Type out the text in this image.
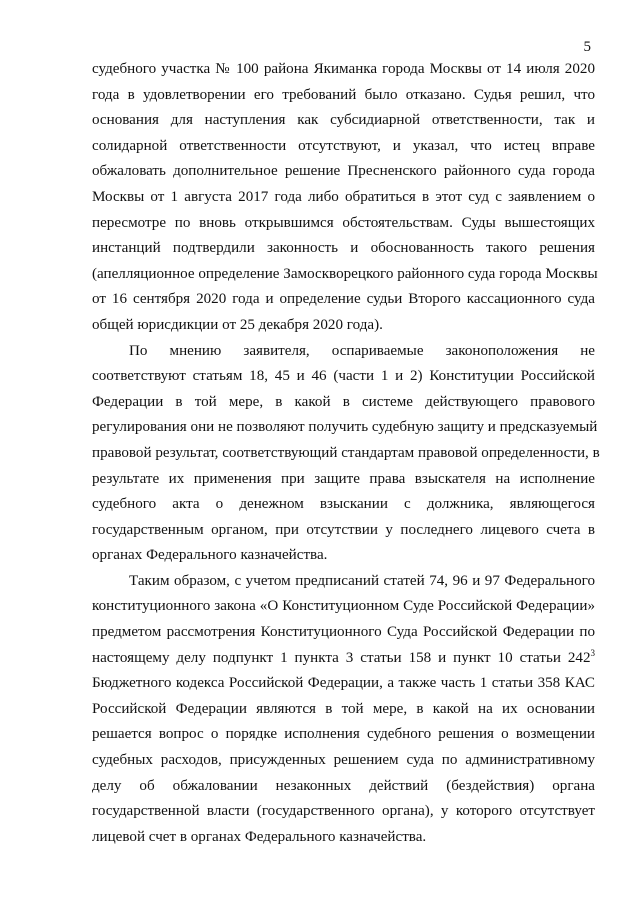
5
судебного участка № 100 района Якиманка города Москвы от 14 июля 2020
года в удовлетворении его требований было отказано. Судья решил, что
основания для наступления как субсидиарной ответственности, так и
солидарной ответственности отсутствуют, и указал, что истец вправе
обжаловать дополнительное решение Пресненского районного суда города
Москвы от 1 августа 2017 года либо обратиться в этот суд с заявлением о
пересмотре по вновь открывшимся обстоятельствам. Суды вышестоящих
инстанций подтвердили законность и обоснованность такого решения
(апелляционное определение Замоскворецкого районного суда города Москвы
от 16 сентября 2020 года и определение судьи Второго кассационного суда
общей юрисдикции от 25 декабря 2020 года).
По мнению заявителя, оспариваемые законоположения не
соответствуют статьям 18, 45 и 46 (части 1 и 2) Конституции Российской
Федерации в той мере, в какой в системе действующего правового
регулирования они не позволяют получить судебную защиту и предсказуемый
правовой результат, соответствующий стандартам правовой определенности, в
результате их применения при защите права взыскателя на исполнение
судебного акта о денежном взыскании с должника, являющегося
государственным органом, при отсутствии у последнего лицевого счета в
органах Федерального казначейства.
Таким образом, с учетом предписаний статей 74, 96 и 97 Федерального
конституционного закона «О Конституционном Суде Российской Федерации»
предметом рассмотрения Конституционного Суда Российской Федерации по
настоящему делу подпункт 1 пункта 3 статьи 158 и пункт 10 статьи 242$^3$
Бюджетного кодекса Российской Федерации, а также часть 1 статьи 358 КАС
Российской Федерации являются в той мере, в какой на их основании
решается вопрос о порядке исполнения судебного решения о возмещении
судебных расходов, присужденных решением суда по административному
делу об обжаловании незаконных действий (бездействия) органа
государственной власти (государственного органа), у которого отсутствует
лицевой счет в органах Федерального казначейства.
